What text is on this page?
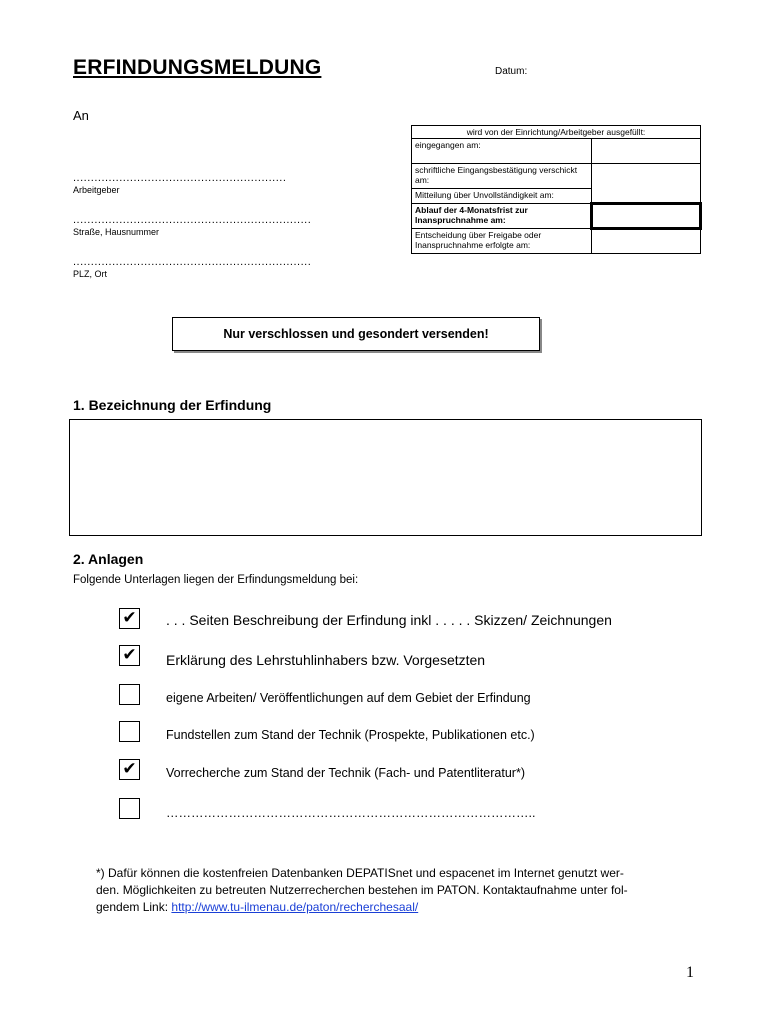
ERFINDUNGSMELDUNG	Datum:
An
............................................................
Arbeitgeber
...................................................................
Straße, Hausnummer
...................................................................
PLZ, Ort
wird von der Einrichtung/Arbeitgeber ausgefüllt:	
eingegangen am:	
schriftliche Eingangsbestätigung verschickt am:	
Mitteilung über Unvollständigkeit am:	
Ablauf der 4-Monatsfrist zur Inanspruchnahme am:	
Entscheidung über Freigabe oder Inanspruchnahme erfolgte am:	
Nur verschlossen und gesondert versenden!
1. Bezeichnung der Erfindung
2. Anlagen
Folgende Unterlagen liegen der Erfindungsmeldung bei:
✔ . . . Seiten Beschreibung der Erfindung inkl . . . . . Skizzen/ Zeichnungen
✔ Erklärung des Lehrstuhlinhabers bzw. Vorgesetzten
eigene Arbeiten/ Veröffentlichungen auf dem Gebiet der Erfindung
Fundstellen zum Stand der Technik (Prospekte, Publikationen etc.)
✔ Vorrecherche zum Stand der Technik (Fach- und Patentliteratur*)
……………………………………………………………………………..
*) Dafür können die kostenfreien Datenbanken DEPATISnet und espacenet im Internet genutzt wer-
den. Möglichkeiten zu betreuten Nutzerrecherchen bestehen im PATON. Kontaktaufnahme unter fol-
gendem Link: http://www.tu-ilmenau.de/paton/recherchesaal/
1
